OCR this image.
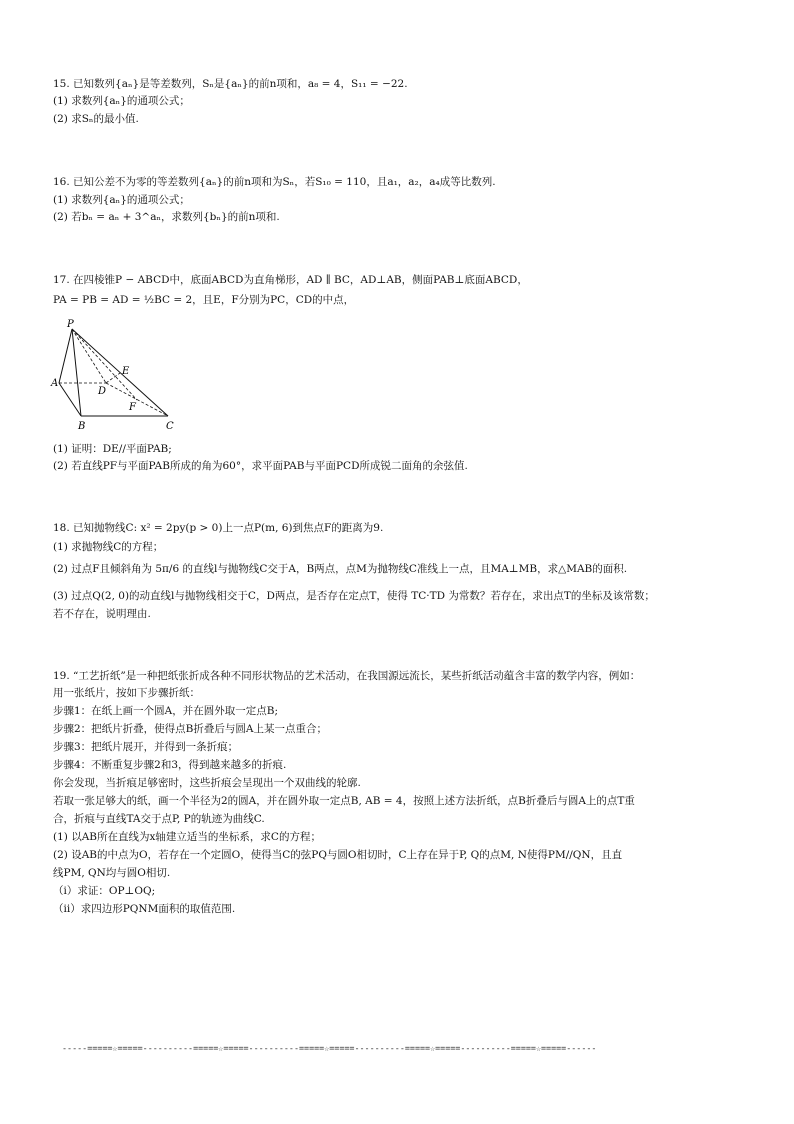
15. 已知数列{aₙ}是等差数列，Sₙ是{aₙ}的前n项和，a₈ = 4，S₁₁ = −22.
(1) 求数列{aₙ}的通项公式；
(2) 求Sₙ的最小值.
16. 已知公差不为零的等差数列{aₙ}的前n项和为Sₙ，若S₁₀ = 110，且a₁，a₂，a₄成等比数列.
(1) 求数列{aₙ}的通项公式；
(2) 若bₙ = aₙ + 3^aₙ，求数列{bₙ}的前n项和.
17. 在四棱锥P − ABCD中，底面ABCD为直角梯形，AD ∥ BC，AD⊥AB，侧面PAB⊥底面ABCD，
PA = PB = AD = ½BC = 2，且E，F分别为PC，CD的中点，
P
A
D
E
F
B	C
(1) 证明：DE//平面PAB;
(2) 若直线PF与平面PAB所成的角为60°，求平面PAB与平面PCD所成锐二面角的余弦值.
18. 已知抛物线C: x² = 2py(p > 0)上一点P(m, 6)到焦点F的距离为9.
(1) 求抛物线C的方程；
(2) 过点F且倾斜角为 5π/6 的直线l与抛物线C交于A，B两点，点M为抛物线C准线上一点，且MA⊥MB，求△MAB的面积.
(3) 过点Q(2, 0)的动直线l与抛物线相交于C，D两点，是否存在定点T，使得 TC·TD 为常数？若存在，求出点T的坐标及该常数；
若不存在，说明理由.
19. “工艺折纸”是一种把纸张折成各种不同形状物品的艺术活动，在我国源远流长，某些折纸活动蕴含丰富的数学内容，例如：
用一张纸片，按如下步骤折纸：
步骤1：在纸上画一个圆A，并在圆外取一定点B;
步骤2：把纸片折叠，使得点B折叠后与圆A上某一点重合；
步骤3：把纸片展开，并得到一条折痕；
步骤4：不断重复步骤2和3，得到越来越多的折痕.
你会发现，当折痕足够密时，这些折痕会呈现出一个双曲线的轮廓.
若取一张足够大的纸，画一个半径为2的圆A，并在圆外取一定点B, AB = 4，按照上述方法折纸，点B折叠后与圆A上的点T重
合，折痕与直线TA交于点P, P的轨迹为曲线C.
(1) 以AB所在直线为x轴建立适当的坐标系，求C的方程；
(2) 设AB的中点为O，若存在一个定圆O，使得当C的弦PQ与圆O相切时，C上存在异于P, Q的点M, N使得PM//QN，且直
线PM, QN均与圆O相切.
（i）求证：OP⊥OQ;
（ii）求四边形PQNM面积的取值范围.
-----=====☆=====----------=====☆=====----------=====☆=====----------=====☆=====----------=====☆=====------
